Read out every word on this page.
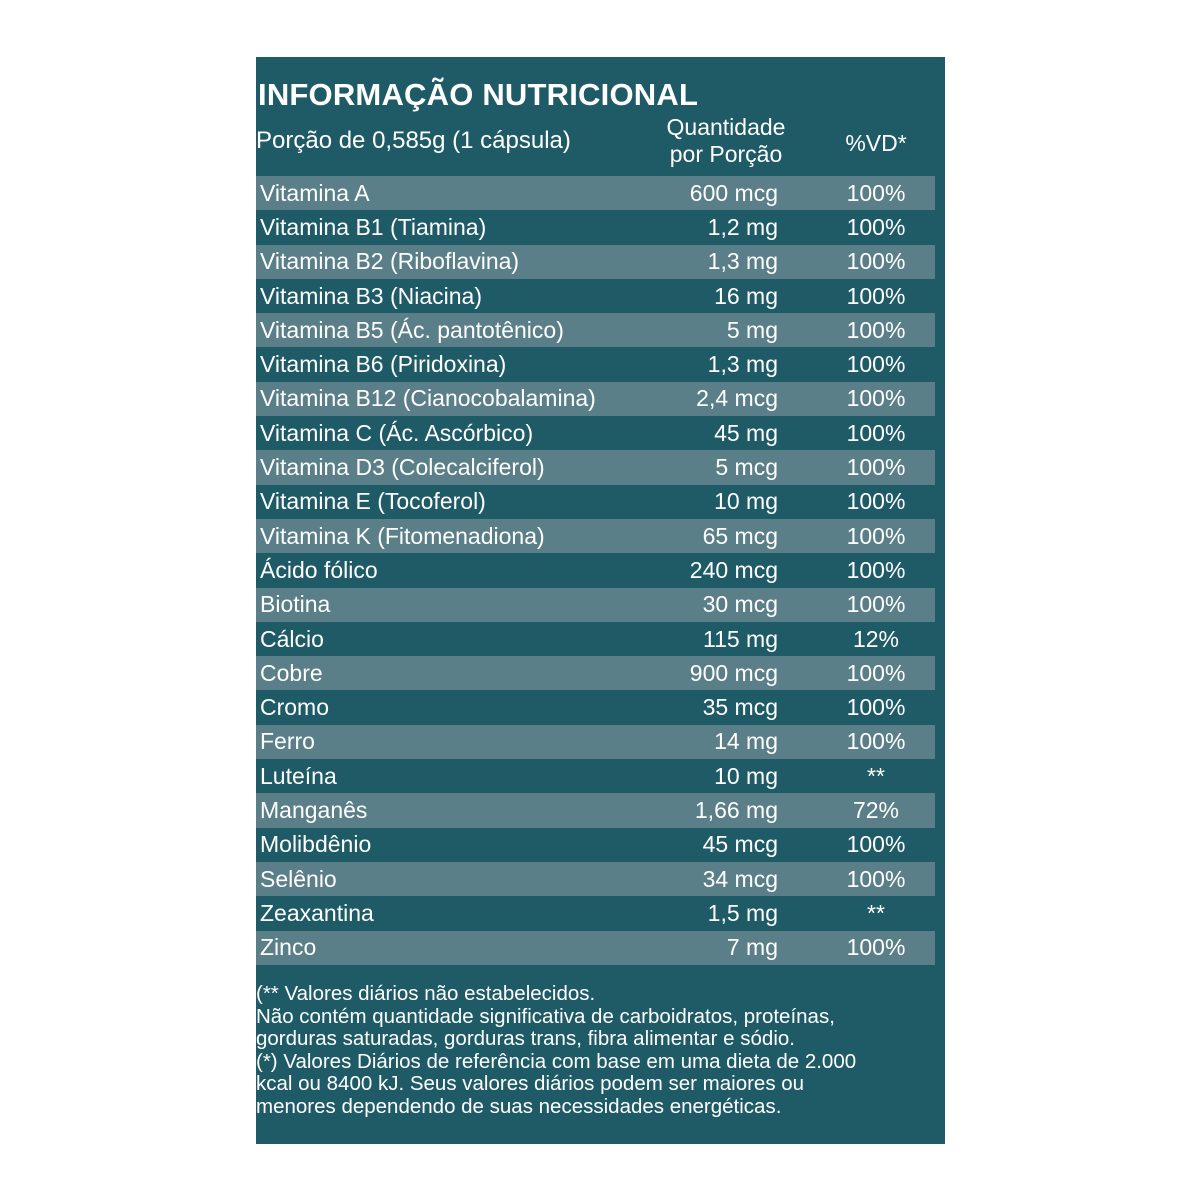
INFORMAÇÃO NUTRICIONAL
Porção de 0,585g (1 cápsula)	Quantidade
por Porção	%VD*
Vitamina A	600 mcg	100%
Vitamina B1 (Tiamina)	1,2 mg	100%
Vitamina B2 (Riboflavina)	1,3 mg	100%
Vitamina B3 (Niacina)	16 mg	100%
Vitamina B5 (Ác. pantotênico)	5 mg	100%
Vitamina B6 (Piridoxina)	1,3 mg	100%
Vitamina B12 (Cianocobalamina)	2,4 mcg	100%
Vitamina C (Ác. Ascórbico)	45 mg	100%
Vitamina D3 (Colecalciferol)	5 mcg	100%
Vitamina E (Tocoferol)	10 mg	100%
Vitamina K (Fitomenadiona)	65 mcg	100%
Ácido fólico	240 mcg	100%
Biotina	30 mcg	100%
Cálcio	115 mg	12%
Cobre	900 mcg	100%
Cromo	35 mcg	100%
Ferro	14 mg	100%
Luteína	10 mg	**
Manganês	1,66 mg	72%
Molibdênio	45 mcg	100%
Selênio	34 mcg	100%
Zeaxantina	1,5 mg	**
Zinco	7 mg	100%

(** Valores diários não estabelecidos.

Não contém quantidade significativa de carboidratos, proteínas,

gorduras saturadas, gorduras trans, fibra alimentar e sódio.

(*) Valores Diários de referência com base em uma dieta de 2.000

kcal ou 8400 kJ. Seus valores diários podem ser maiores ou

menores dependendo de suas necessidades energéticas.
